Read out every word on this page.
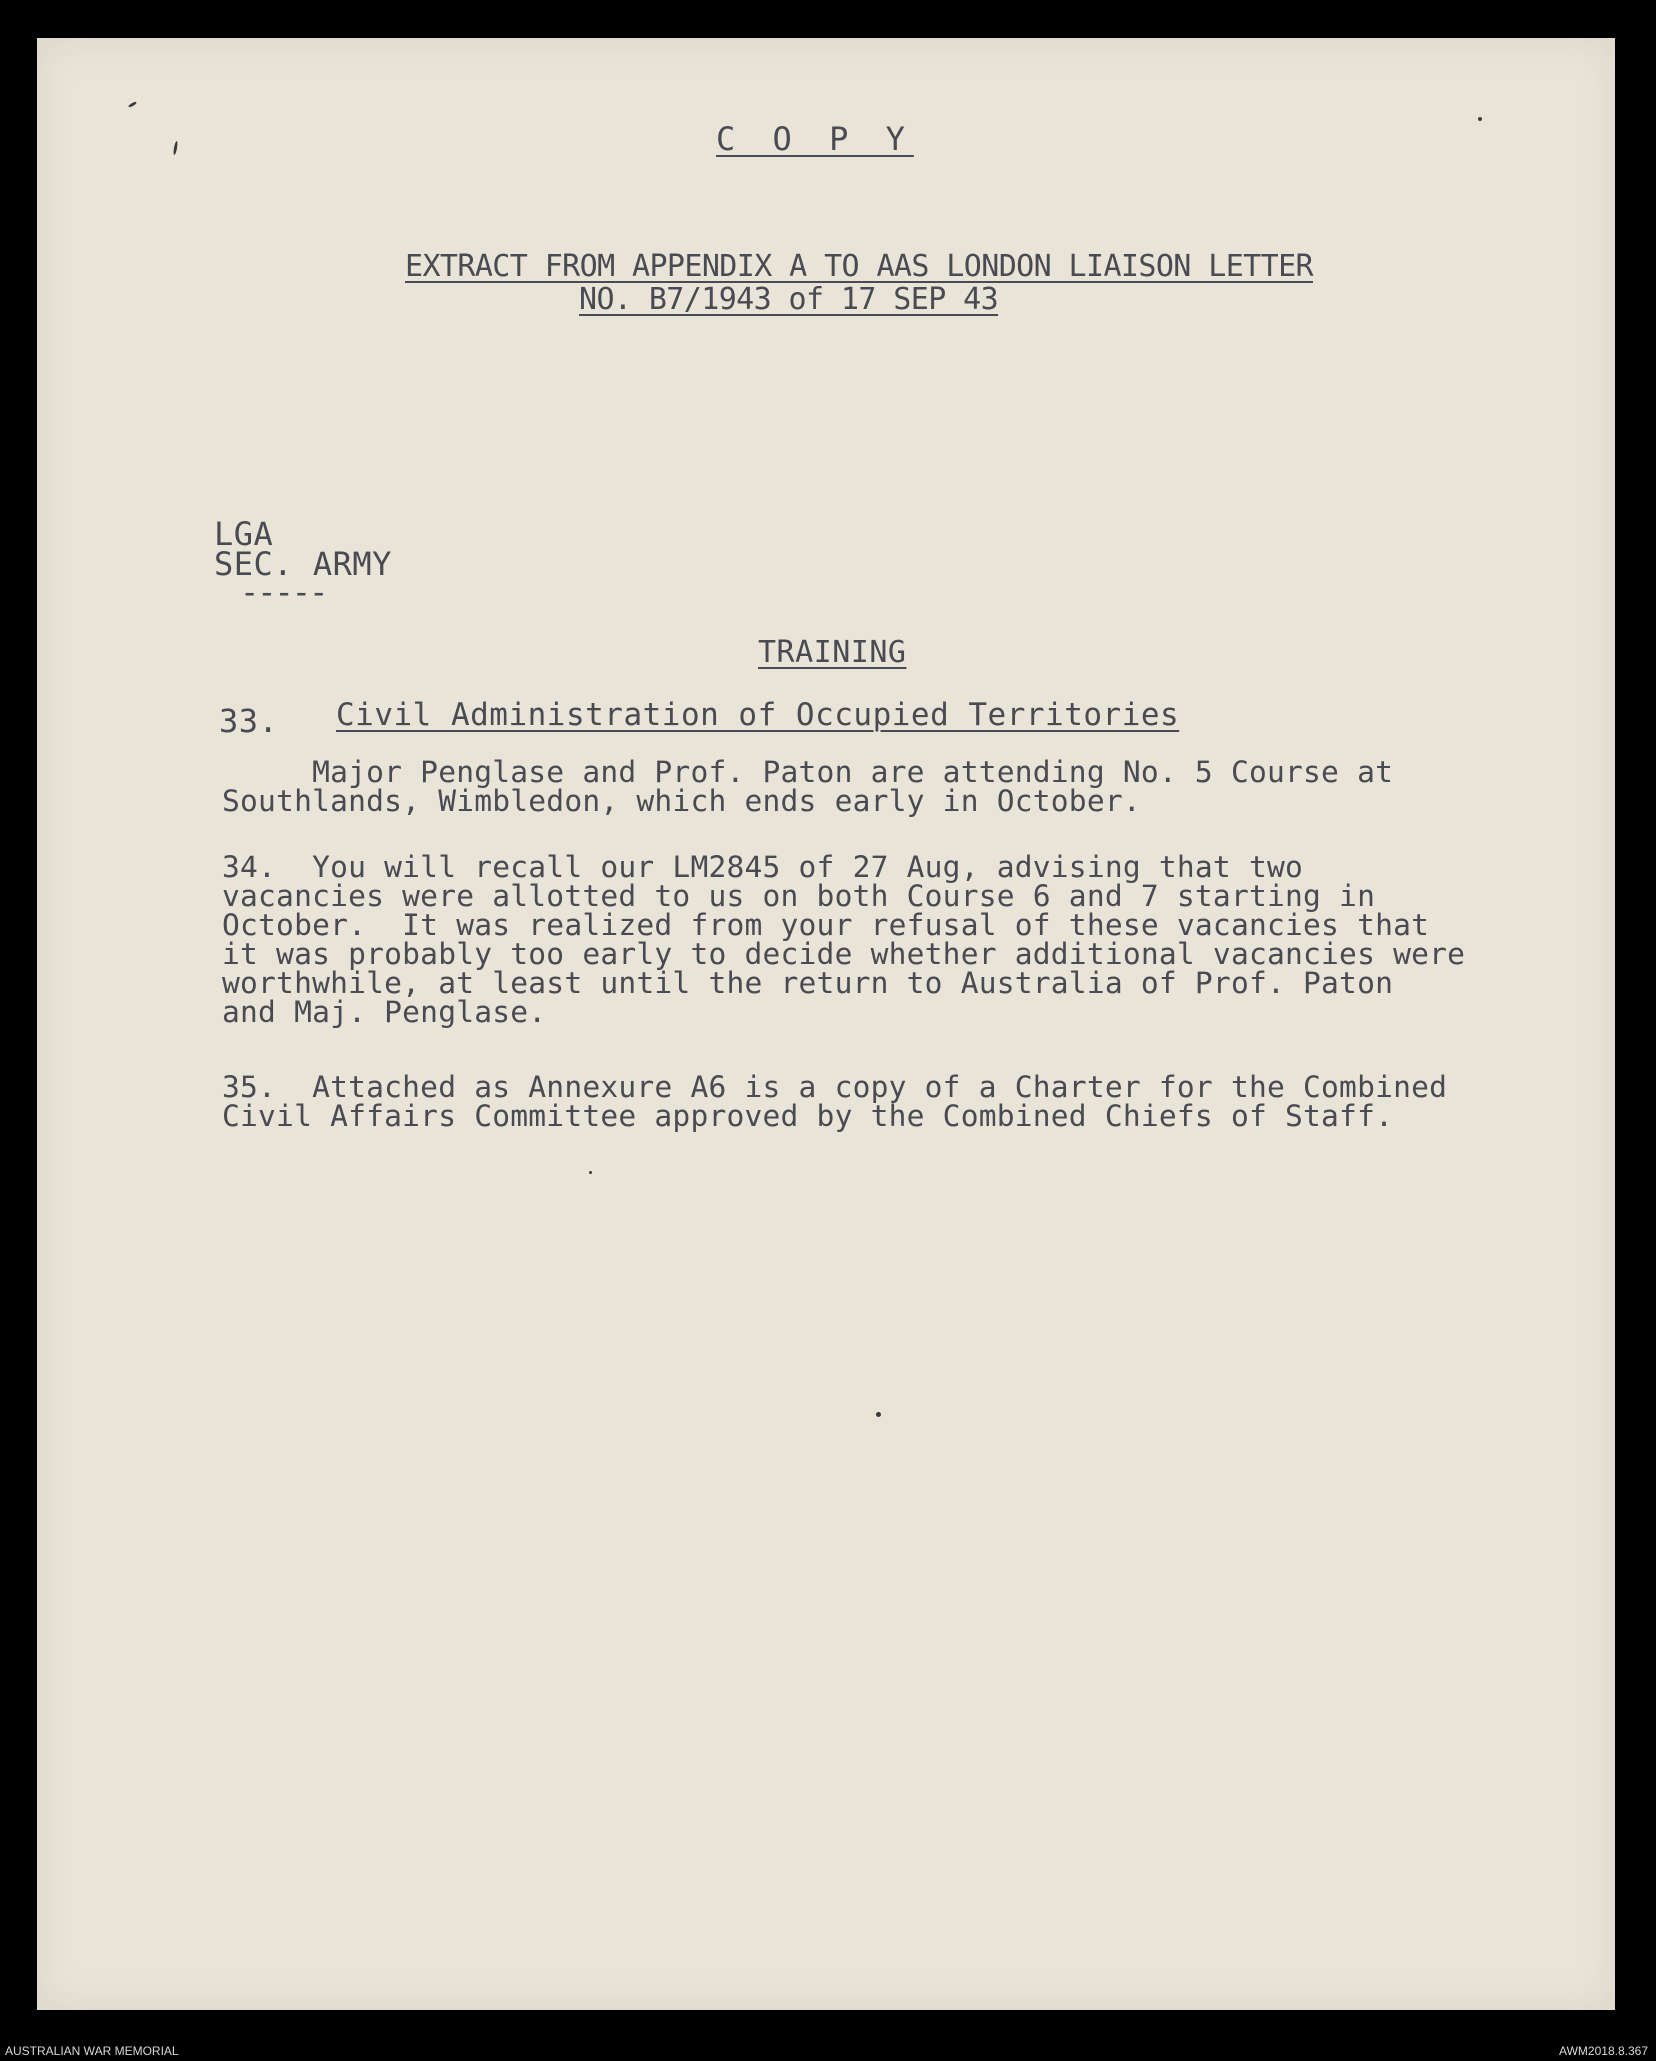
C O P Y
EXTRACT FROM APPENDIX A TO AAS LONDON LIAISON LETTER
NO. B7/1943 of 17 SEP 43
LGA
SEC. ARMY
-----
TRAINING
33. Civil Administration of Occupied Territories
Major Penglase and Prof. Paton are attending No. 5 Course at
Southlands, Wimbledon, which ends early in October.
34.  You will recall our LM2845 of 27 Aug, advising that two
vacancies were allotted to us on both Course 6 and 7 starting in
October.  It was realized from your refusal of these vacancies that
it was probably too early to decide whether additional vacancies were
worthwhile, at least until the return to Australia of Prof. Paton
and Maj. Penglase.
35.  Attached as Annexure A6 is a copy of a Charter for the Combined
Civil Affairs Committee approved by the Combined Chiefs of Staff.
AUSTRALIAN WAR MEMORIAL	AWM2018.8.367
